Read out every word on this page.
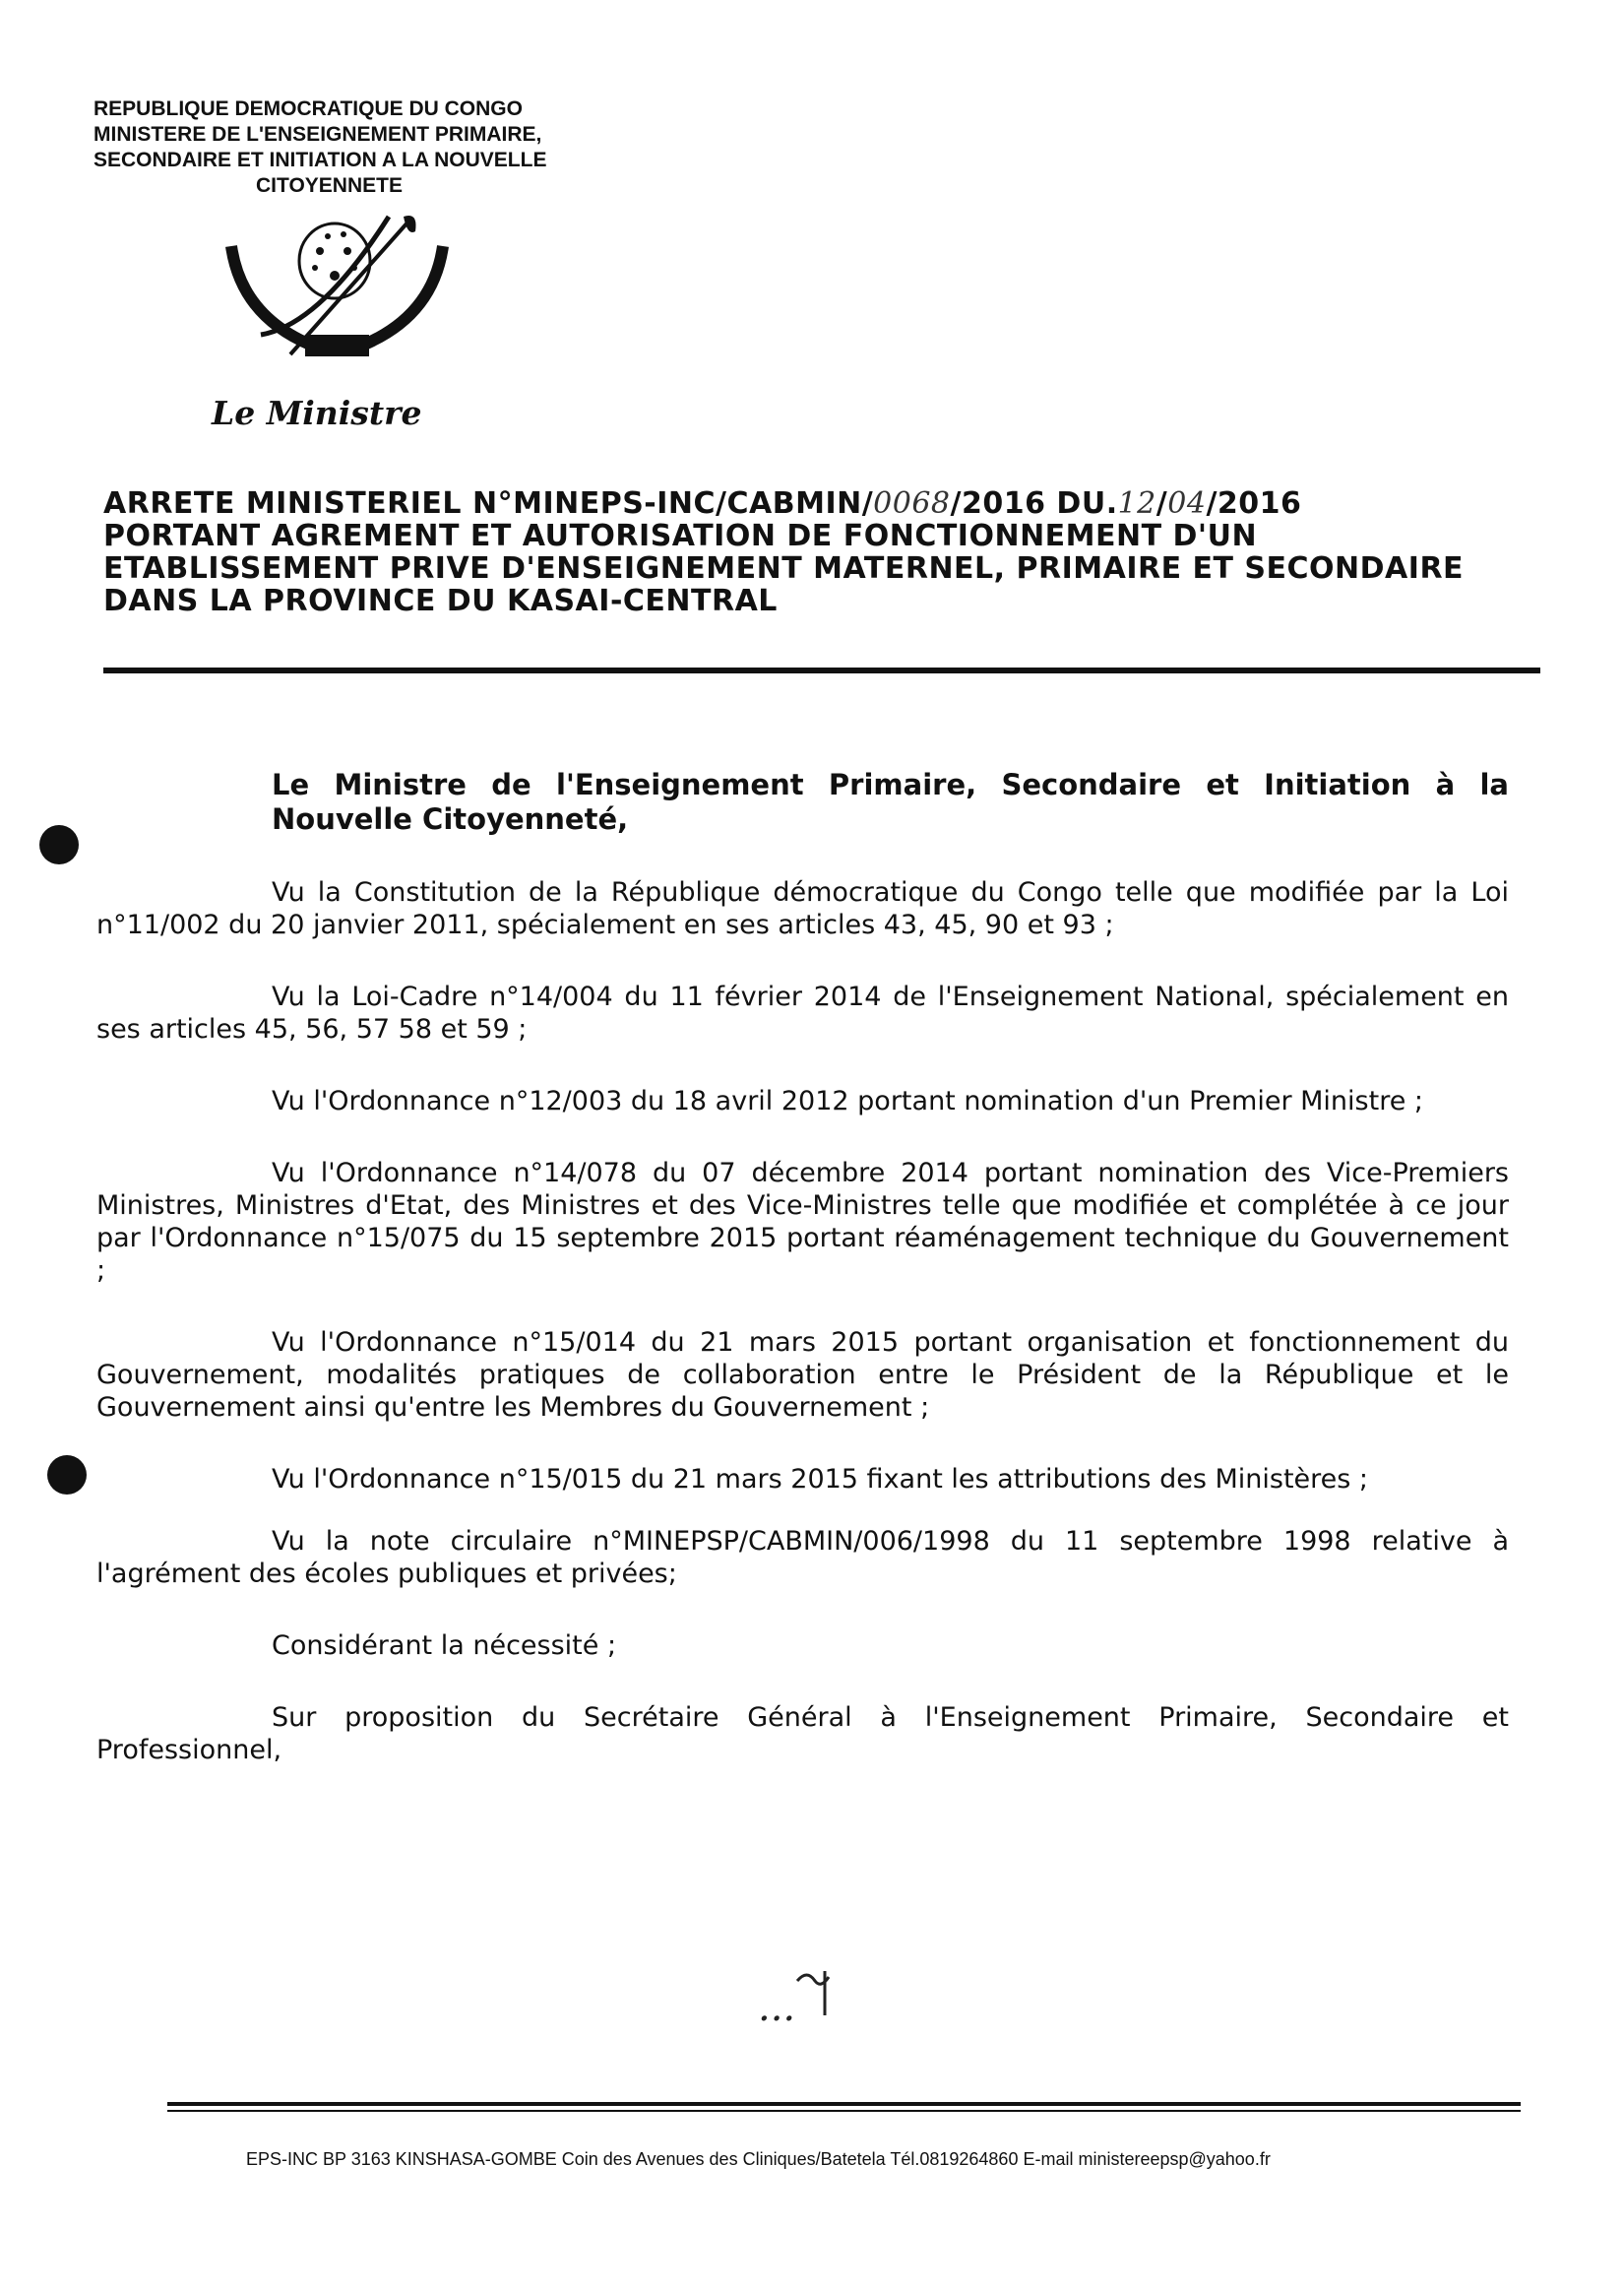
REPUBLIQUE DEMOCRATIQUE DU CONGO
MINISTERE DE L'ENSEIGNEMENT PRIMAIRE,
SECONDAIRE ET INITIATION A LA NOUVELLE
CITOYENNETE
Le Ministre
ARRETE MINISTERIEL N°MINEPS-INC/CABMIN/0068/2016 DU.12/04/2016
PORTANT AGREMENT ET AUTORISATION DE FONCTIONNEMENT D'UN
ETABLISSEMENT PRIVE D'ENSEIGNEMENT MATERNEL, PRIMAIRE ET SECONDAIRE
DANS LA PROVINCE DU KASAI-CENTRAL

Le Ministre de l'Enseignement Primaire, Secondaire et Initiation à la Nouvelle Citoyenneté,

Vu la Constitution de la République démocratique du Congo telle que modifiée par la Loi n°11/002 du 20 janvier 2011, spécialement en ses articles 43, 45, 90 et 93 ;

Vu la Loi-Cadre n°14/004 du 11 février 2014 de l'Enseignement National, spécialement en ses articles 45, 56, 57 58 et 59 ;

Vu l'Ordonnance n°12/003 du 18 avril 2012 portant nomination d'un Premier Ministre ;

Vu l'Ordonnance n°14/078 du 07 décembre 2014 portant nomination des Vice-Premiers Ministres, Ministres d'Etat, des Ministres et des Vice-Ministres telle que modifiée et complétée à ce jour par l'Ordonnance n°15/075 du 15 septembre 2015 portant réaménagement technique du Gouvernement ;

Vu l'Ordonnance n°15/014 du 21 mars 2015 portant organisation et fonctionnement du Gouvernement, modalités pratiques de collaboration entre le Président de la République et le Gouvernement ainsi qu'entre les Membres du Gouvernement ;

Vu l'Ordonnance n°15/015 du 21 mars 2015 fixant les attributions des Ministères ;

Vu la note circulaire n°MINEPSP/CABMIN/006/1998 du 11 septembre 1998 relative à l'agrément des écoles publiques et privées;

Considérant la nécessité ;

Sur proposition du Secrétaire Général à l'Enseignement Primaire, Secondaire et Professionnel,

...
EPS-INC BP 3163 KINSHASA-GOMBE Coin des Avenues des Cliniques/Batetela Tél.0819264860 E-mail ministereepsp@yahoo.fr
